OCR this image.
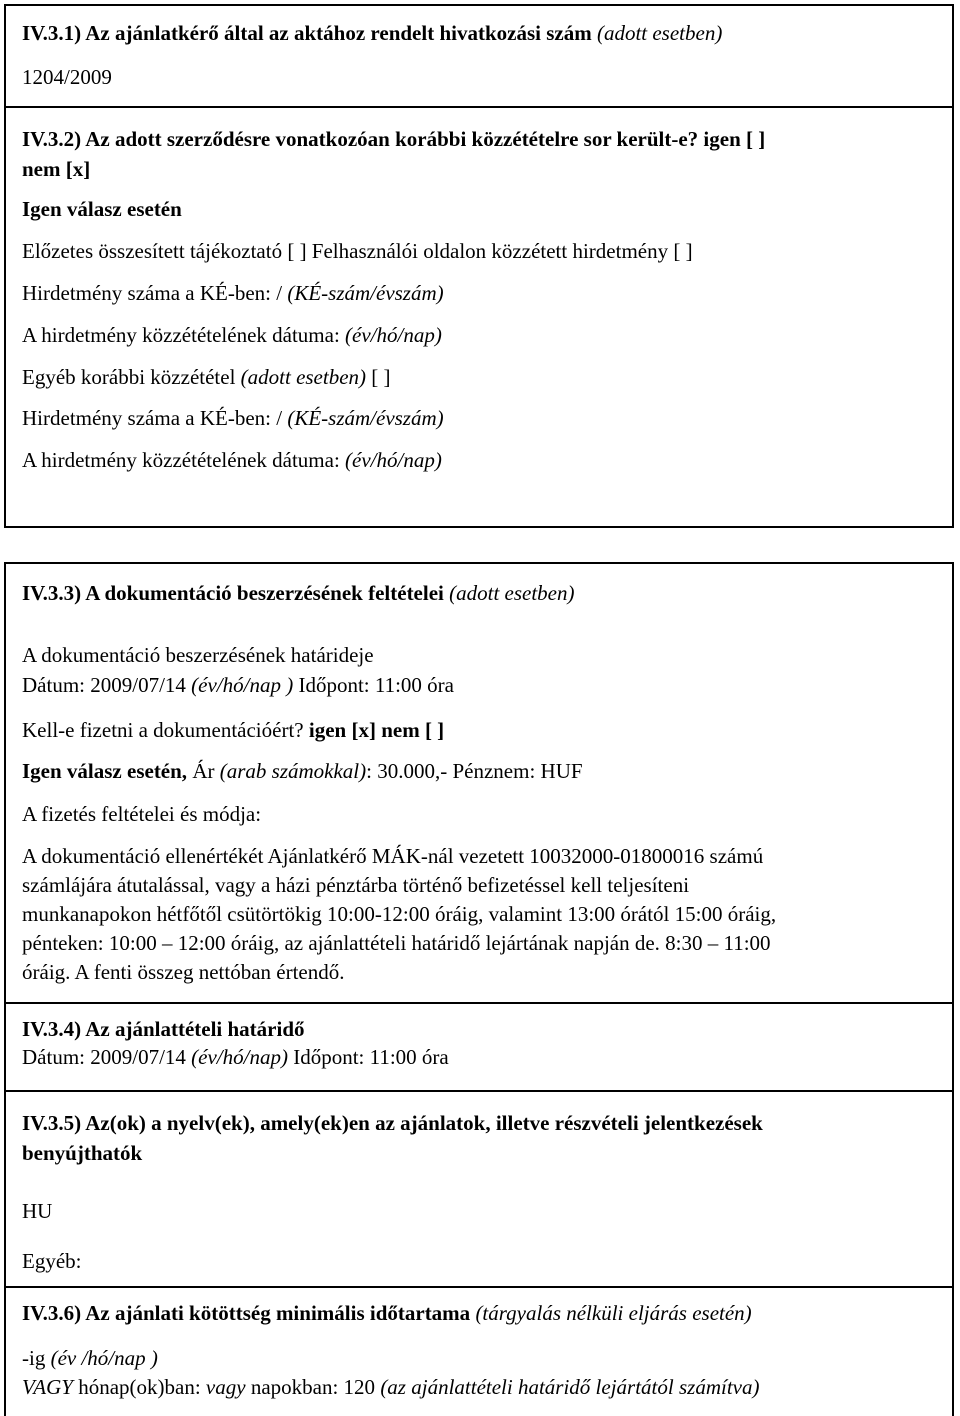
IV.3.1) Az ajánlatkérő által az aktához rendelt hivatkozási szám (adott esetben)
1204/2009
IV.3.2) Az adott szerződésre vonatkozóan korábbi közzétételre sor került-e? igen [ ]
nem [x]
Igen válasz esetén
Előzetes összesített tájékoztató [ ] Felhasználói oldalon közzétett hirdetmény [ ]
Hirdetmény száma a KÉ-ben: / (KÉ-szám/évszám)
A hirdetmény közzétételének dátuma: (év/hó/nap)
Egyéb korábbi közzététel (adott esetben) [ ]
Hirdetmény száma a KÉ-ben: / (KÉ-szám/évszám)
A hirdetmény közzétételének dátuma: (év/hó/nap)
IV.3.3) A dokumentáció beszerzésének feltételei (adott esetben)
A dokumentáció beszerzésének határideje
Dátum: 2009/07/14 (év/hó/nap ) Időpont: 11:00 óra
Kell-e fizetni a dokumentációért? igen [x] nem [ ]
Igen válasz esetén, Ár (arab számokkal): 30.000,- Pénznem: HUF
A fizetés feltételei és módja:
A dokumentáció ellenértékét Ajánlatkérő MÁK-nál vezetett 10032000-01800016 számú
számlájára átutalással, vagy a házi pénztárba történő befizetéssel kell teljesíteni
munkanapokon hétfőtől csütörtökig 10:00-12:00 óráig, valamint 13:00 órától 15:00 óráig,
pénteken: 10:00 – 12:00 óráig, az ajánlattételi határidő lejártának napján de. 8:30 – 11:00
óráig. A fenti összeg nettóban értendő.
IV.3.4) Az ajánlattételi határidő
Dátum: 2009/07/14 (év/hó/nap) Időpont: 11:00 óra
IV.3.5) Az(ok) a nyelv(ek), amely(ek)en az ajánlatok, illetve részvételi jelentkezések
benyújthatók
HU
Egyéb:
IV.3.6) Az ajánlati kötöttség minimális időtartama (tárgyalás nélküli eljárás esetén)
-ig (év /hó/nap )
VAGY hónap(ok)ban: vagy napokban: 120 (az ajánlattételi határidő lejártától számítva)
